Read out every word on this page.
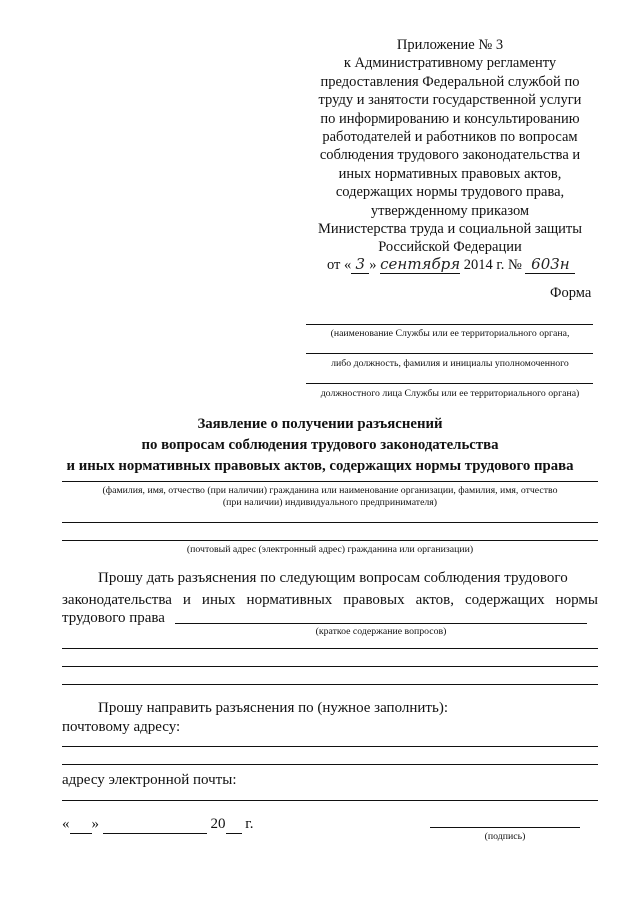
Приложение № 3
к Административному регламенту
предоставления Федеральной службой по
труду и занятости государственной услуги
по информированию и консультированию
работодателей и работников по вопросам
соблюдения трудового законодательства и
иных нормативных правовых актов,
содержащих нормы трудового права,
утвержденному приказом
Министерства труда и социальной защиты
Российской Федерации
от « 3 » сентября 2014 г. № 603н
Форма
(наименование Службы или ее территориального органа,
либо должность, фамилия и инициалы уполномоченного
должностного лица Службы или ее территориального органа)
Заявление о получении разъяснений
по вопросам соблюдения трудового законодательства
и иных нормативных правовых актов, содержащих нормы трудового права
(фамилия, имя, отчество (при наличии) гражданина или наименование организации, фамилия, имя, отчество
(при наличии) индивидуального предпринимателя)
(почтовый адрес (электронный адрес) гражданина или организации)
Прошу дать разъяснения по следующим вопросам соблюдения трудового
законодательства и иных нормативных правовых актов, содержащих нормы
трудового права
(краткое содержание вопросов)
Прошу направить разъяснения по (нужное заполнить):
почтовому адресу:
адресу электронной почты:
« »	20 г.
(подпись)
